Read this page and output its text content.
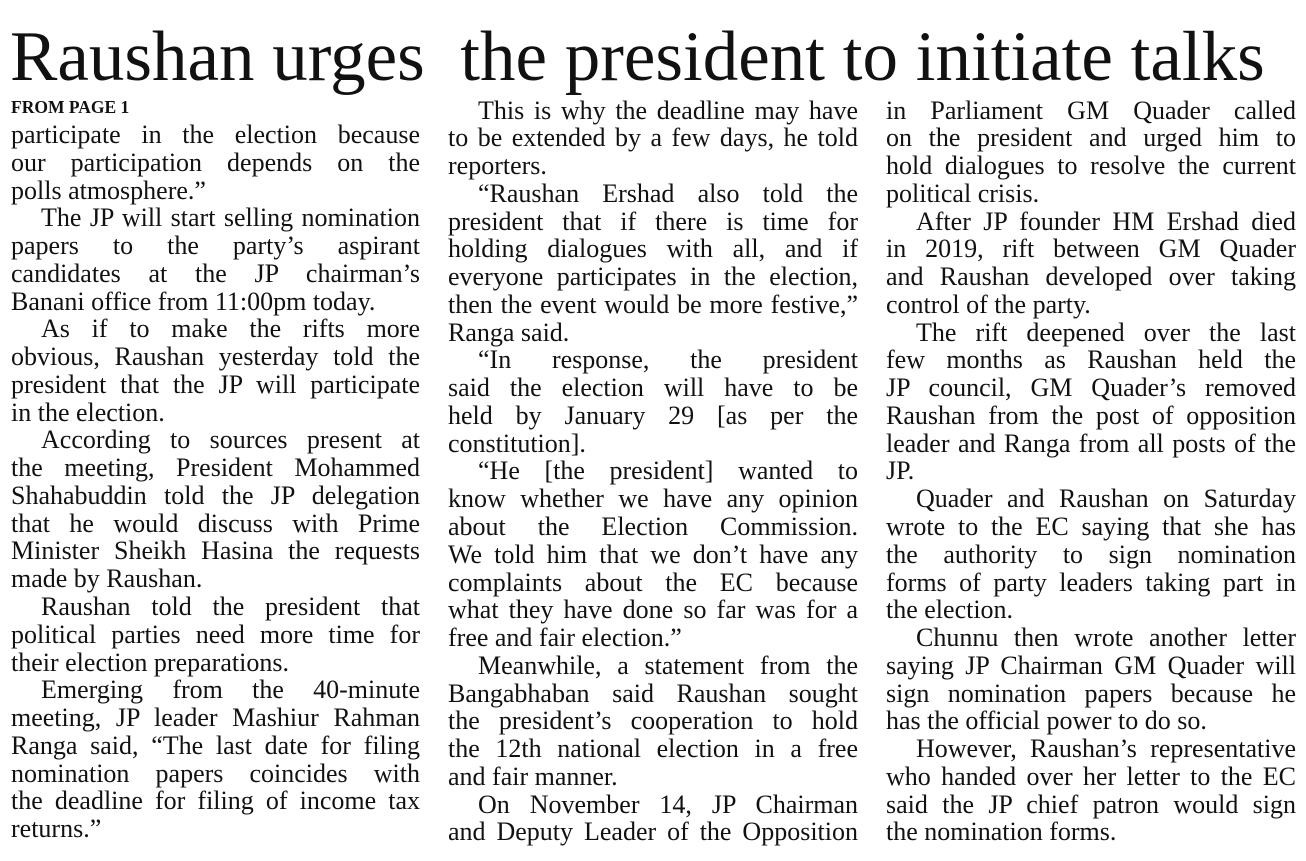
Raushan urges  the president to initiate talks
FROM PAGE 1
participate in the election because
our participation depends on the
polls atmosphere.”
The JP will start selling nomination
papers to the party’s aspirant
candidates at the JP chairman’s
Banani office from 11:00pm today.
As if to make the rifts more
obvious, Raushan yesterday told the
president that the JP will participate
in the election.
According to sources present at
the meeting, President Mohammed
Shahabuddin told the JP delegation
that he would discuss with Prime
Minister Sheikh Hasina the requests
made by Raushan.
Raushan told the president that
political parties need more time for
their election preparations.
Emerging from the 40-minute
meeting, JP leader Mashiur Rahman
Ranga said, “The last date for filing
nomination papers coincides with
the deadline for filing of income tax
returns.”
This is why the deadline may have
to be extended by a few days, he told
reporters.
“Raushan Ershad also told the
president that if there is time for
holding dialogues with all, and if
everyone participates in the election,
then the event would be more festive,”
Ranga said.
“In response, the president
said the election will have to be
held by January 29 [as per the
constitution].
“He [the president] wanted to
know whether we have any opinion
about the Election Commission.
We told him that we don’t have any
complaints about the EC because
what they have done so far was for a
free and fair election.”
Meanwhile, a statement from the
Bangabhaban said Raushan sought
the president’s cooperation to hold
the 12th national election in a free
and fair manner.
On November 14, JP Chairman
and Deputy Leader of the Opposition
in Parliament GM Quader called
on the president and urged him to
hold dialogues to resolve the current
political crisis.
After JP founder HM Ershad died
in 2019, rift between GM Quader
and Raushan developed over taking
control of the party.
The rift deepened over the last
few months as Raushan held the
JP council, GM Quader’s removed
Raushan from the post of opposition
leader and Ranga from all posts of the
JP.
Quader and Raushan on Saturday
wrote to the EC saying that she has
the authority to sign nomination
forms of party leaders taking part in
the election.
Chunnu then wrote another letter
saying JP Chairman GM Quader will
sign nomination papers because he
has the official power to do so.
However, Raushan’s representative
who handed over her letter to the EC
said the JP chief patron would sign
the nomination forms.
